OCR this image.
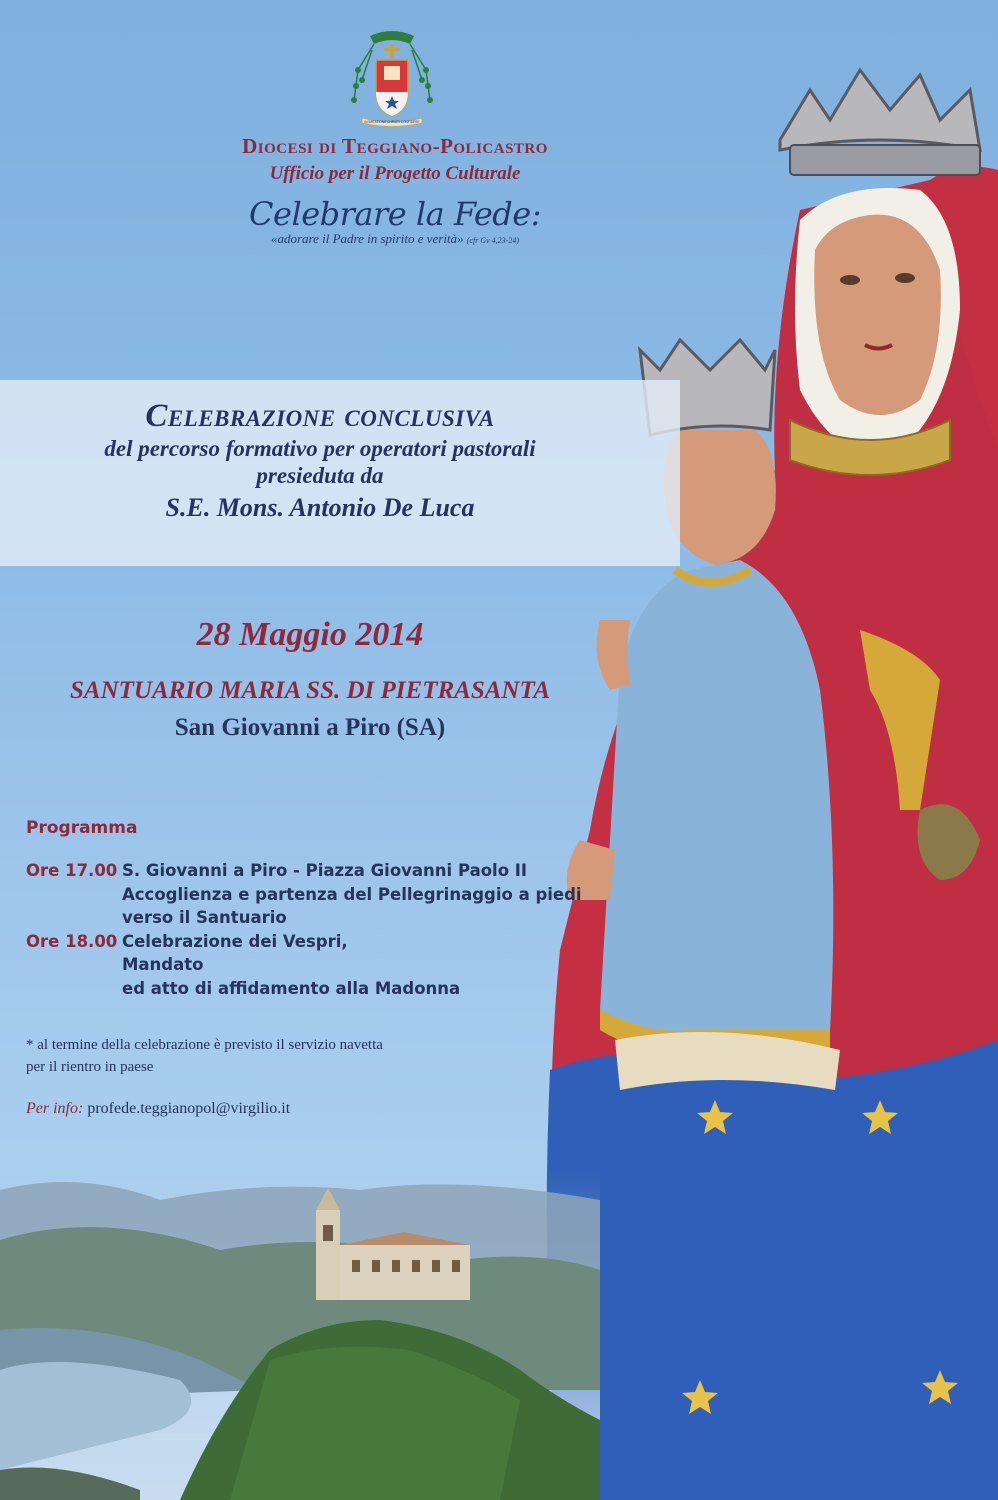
IN IMITATIONE CHRISTI CONFIDERE
Diocesi di Teggiano-Policastro
Ufficio per il Progetto Culturale
Celebrare la Fede:
«adorare il Padre in spirito e verità» (cfr Gv 4,23-24)
Celebrazione conclusiva
del percorso formativo per operatori pastorali
presieduta da
S.E. Mons. Antonio De Luca
28 Maggio 2014
SANTUARIO MARIA SS. DI PIETRASANTA
San Giovanni a Piro (SA)
Programma
Ore 17.00 S. Giovanni a Piro - Piazza Giovanni Paolo II
Accoglienza e partenza del Pellegrinaggio a piedi
verso il Santuario
Ore 18.00 Celebrazione dei Vespri,
Mandato
ed atto di affidamento alla Madonna
* al termine della celebrazione è previsto il servizio navetta
per il rientro in paese
Per info: profede.teggianopol@virgilio.it
